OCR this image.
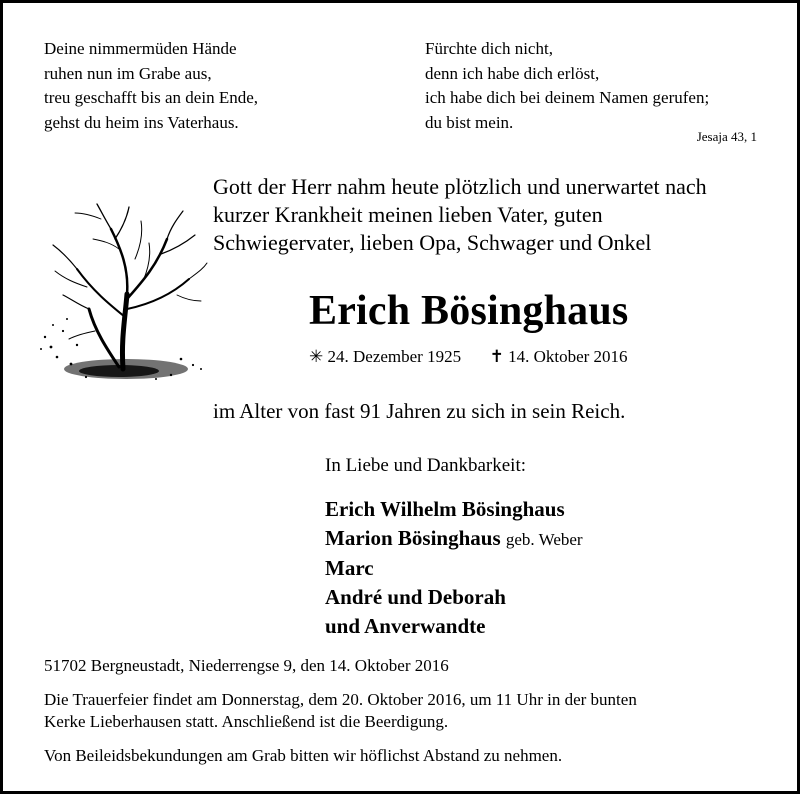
Deine nimmermüden Hände
ruhen nun im Grabe aus,
treu geschafft bis an dein Ende,
gehst du heim ins Vaterhaus.
Fürchte dich nicht,
denn ich habe dich erlöst,
ich habe dich bei deinem Namen gerufen;
du bist mein.
Jesaja 43, 1
Gott der Herr nahm heute plötzlich und unerwartet nach
kurzer Krankheit meinen lieben Vater, guten
Schwiegervater, lieben Opa, Schwager und Onkel
Erich Bösinghaus
✳ 24. Dezember 1925 ✝ 14. Oktober 2016
im Alter von fast 91 Jahren zu sich in sein Reich.
In Liebe und Dankbarkeit:
Erich Wilhelm Bösinghaus
Marion Bösinghaus geb. Weber
Marc
André und Deborah
und Anverwandte
51702 Bergneustadt, Niederrengse 9, den 14. Oktober 2016
Die Trauerfeier findet am Donnerstag, dem 20. Oktober 2016, um 11 Uhr in der bunten
Kerke Lieberhausen statt. Anschließend ist die Beerdigung.
Von Beileidsbekundungen am Grab bitten wir höflichst Abstand zu nehmen.
